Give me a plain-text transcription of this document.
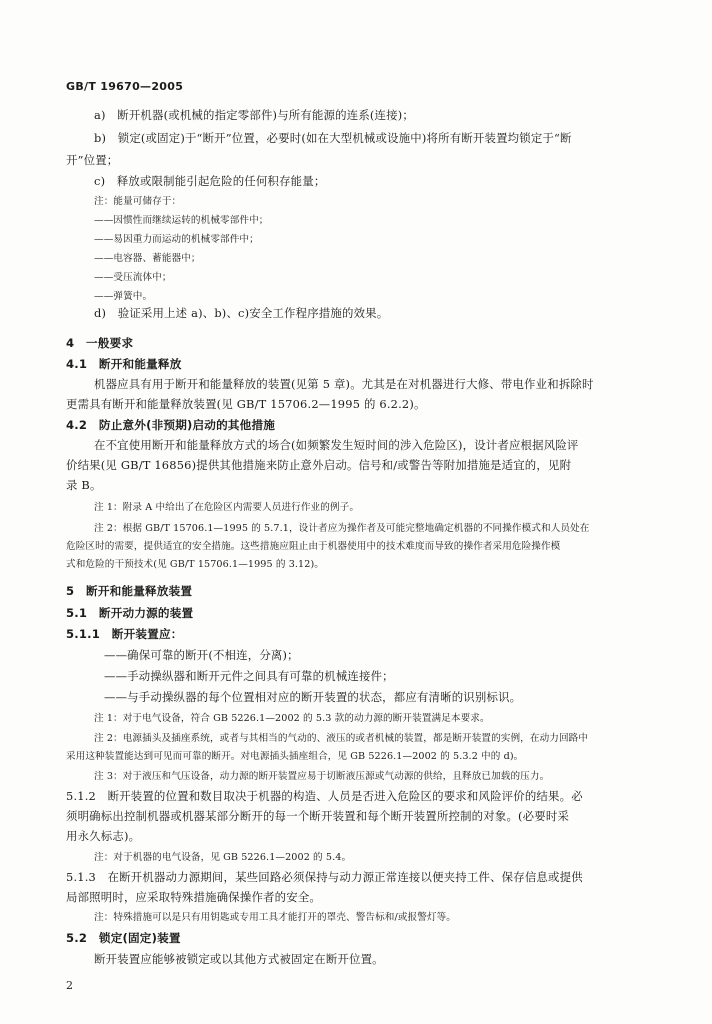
GB/T 19670—2005
a)　断开机器(或机械的指定零部件)与所有能源的连系(连接)；
b)　锁定(或固定)于“断开”位置，必要时(如在大型机械或设施中)将所有断开装置均锁定于“断
开”位置；
c)　释放或限制能引起危险的任何积存能量；
注：能量可储存于：
——因惯性而继续运转的机械零部件中；
——易因重力而运动的机械零部件中；
——电容器、蓄能器中；
——受压流体中；
——弹簧中。
d)　验证采用上述 a)、b)、c)安全工作程序措施的效果。
4　一般要求
4.1　断开和能量释放
机器应具有用于断开和能量释放的装置(见第 5 章)。尤其是在对机器进行大修、带电作业和拆除时
更需具有断开和能量释放装置(见 GB/T 15706.2—1995 的 6.2.2)。
4.2　防止意外(非预期)启动的其他措施
在不宜使用断开和能量释放方式的场合(如频繁发生短时间的涉入危险区)，设计者应根据风险评
价结果(见 GB/T 16856)提供其他措施来防止意外启动。信号和/或警告等附加措施是适宜的，见附
录 B。
注 1：附录 A 中给出了在危险区内需要人员进行作业的例子。
注 2：根据 GB/T 15706.1—1995 的 5.7.1，设计者应为操作者及可能完整地确定机器的不同操作模式和人员处在
危险区时的需要，提供适宜的安全措施。这些措施应阻止由于机器使用中的技术难度而导致的操作者采用危险操作模
式和危险的干预技术(见 GB/T 15706.1—1995 的 3.12)。
5　断开和能量释放装置
5.1　断开动力源的装置
5.1.1　断开装置应：
——确保可靠的断开(不相连，分离)；
——手动操纵器和断开元件之间具有可靠的机械连接件；
——与手动操纵器的每个位置相对应的断开装置的状态，都应有清晰的识别标识。
注 1：对于电气设备，符合 GB 5226.1—2002 的 5.3 款的动力源的断开装置满足本要求。
注 2：电源插头及插座系统，或者与其相当的气动的、液压的或者机械的装置，都是断开装置的实例，在动力回路中
采用这种装置能达到可见而可靠的断开。对电源插头插座组合，见 GB 5226.1—2002 的 5.3.2 中的 d)。
注 3：对于液压和气压设备，动力源的断开装置应易于切断液压源或气动源的供给，且释放已加载的压力。
5.1.2　断开装置的位置和数目取决于机器的构造、人员是否进入危险区的要求和风险评价的结果。必
须明确标出控制机器或机器某部分断开的每一个断开装置和每个断开装置所控制的对象。(必要时采
用永久标志)。
注：对于机器的电气设备，见 GB 5226.1—2002 的 5.4。
5.1.3　在断开机器动力源期间，某些回路必须保持与动力源正常连接以便夹持工件、保存信息或提供
局部照明时，应采取特殊措施确保操作者的安全。
注：特殊措施可以是只有用钥匙或专用工具才能打开的罩壳、警告标和/或报警灯等。
5.2　锁定(固定)装置
断开装置应能够被锁定或以其他方式被固定在断开位置。
2
